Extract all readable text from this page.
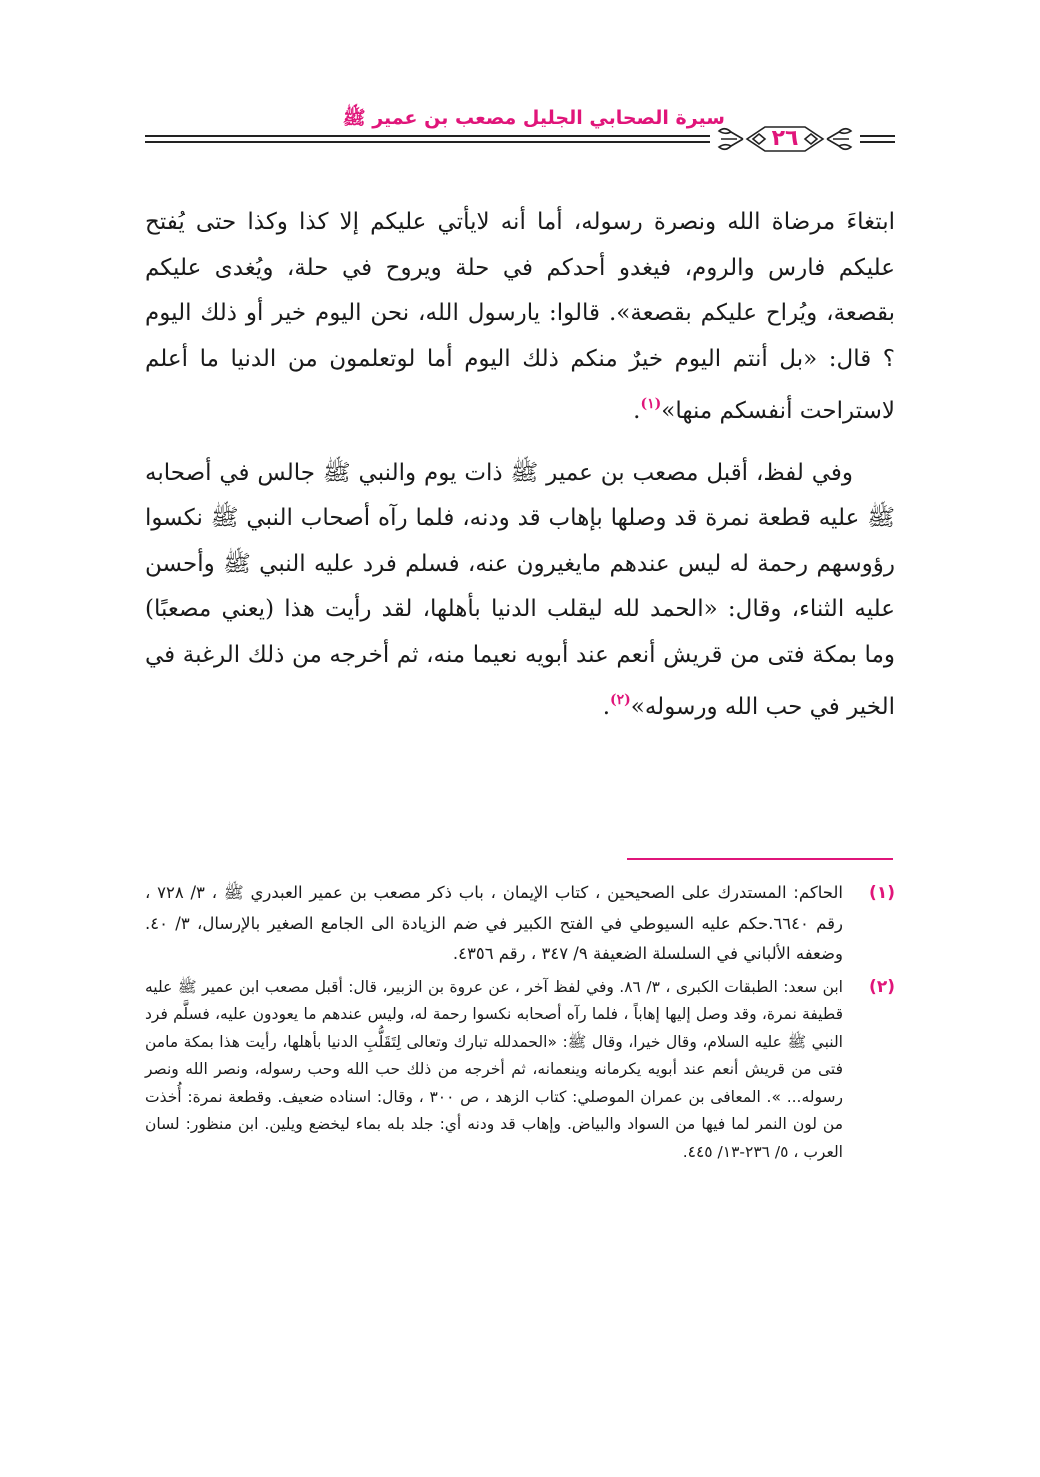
سيرة الصحابي الجليل مصعب بن عمير ﷺ
٢٦

ابتغاءَ مرضاة الله ونصرة رسوله، أما أنه لايأتي عليكم إلا كذا وكذا حتى يُفتح عليكم فارس والروم، فيغدو أحدكم في حلة ويروح في حلة، ويُغدى عليكم بقصعة، ويُراح عليكم بقصعة». قالوا: يارسول الله، نحن اليوم خير أو ذلك اليوم ؟ قال: «بل أنتم اليوم خيرٌ منكم ذلك اليوم أما لوتعلمون من الدنيا ما أعلم لاستراحت أنفسكم منها»$^{(١)}$.

وفي لفظ، أقبل مصعب بن عمير ﷺ ذات يوم والنبي ﷺ جالس في أصحابه ﷺ عليه قطعة نمرة قد وصلها بإهاب قد ودنه، فلما رآه أصحاب النبي ﷺ نكسوا رؤوسهم رحمة له ليس عندهم مايغيرون عنه، فسلم فرد عليه النبي ﷺ وأحسن عليه الثناء، وقال: «الحمد لله ليقلب الدنيا بأهلها، لقد رأيت هذا (يعني مصعبًا) وما بمكة فتى من قريش أنعم عند أبويه نعيما منه، ثم أخرجه من ذلك الرغبة في الخير في حب الله ورسوله»$^{(٢)}$.

(١)
الحاكم: المستدرك على الصحيحين ، كتاب الإيمان ، باب ذكر مصعب بن عمير العبدري ﷺ ، ٣/ ٧٢٨ ، رقم ٦٦٤٠.حكم عليه السيوطي في الفتح الكبير في ضم الزيادة الى الجامع الصغير بالإرسال، ٣/ ٤٠. وضعفه الألباني في السلسلة الضعيفة ٩/ ٣٤٧ ، رقم ٤٣٥٦.
(٢)
ابن سعد: الطبقات الكبرى ، ٣/ ٨٦. وفي لفظ آخر ، عن عروة بن الزبير، قال: أقبل مصعب ابن عمير ﷺ عليه قطيفة نمرة، وقد وصل إليها إهاباً ، فلما رآه أصحابه نكسوا رحمة له، وليس عندهم ما يعودون عليه، فسلَّم فرد النبي ﷺ عليه السلام، وقال خيرا، وقال ﷺ: «الحمدلله تبارك وتعالى لِتَقَلُّبِ الدنيا بأهلها، رأيت هذا بمكة مامن فتى من قريش أنعم عند أبويه يكرمانه وينعمانه، ثم أخرجه من ذلك حب الله وحب رسوله، ونصر الله ونصر رسوله... ». المعافى بن عمران الموصلي: كتاب الزهد ، ص ٣٠٠ ، وقال: اسناده ضعيف. وقطعة نمرة: أُخذت من لون النمر لما فيها من السواد والبياض. وإهاب قد ودنه أي: جلد بله بماء ليخضع ويلين. ابن منظور: لسان العرب ، ٥/ ٢٣٦-١٣/ ٤٤٥.
